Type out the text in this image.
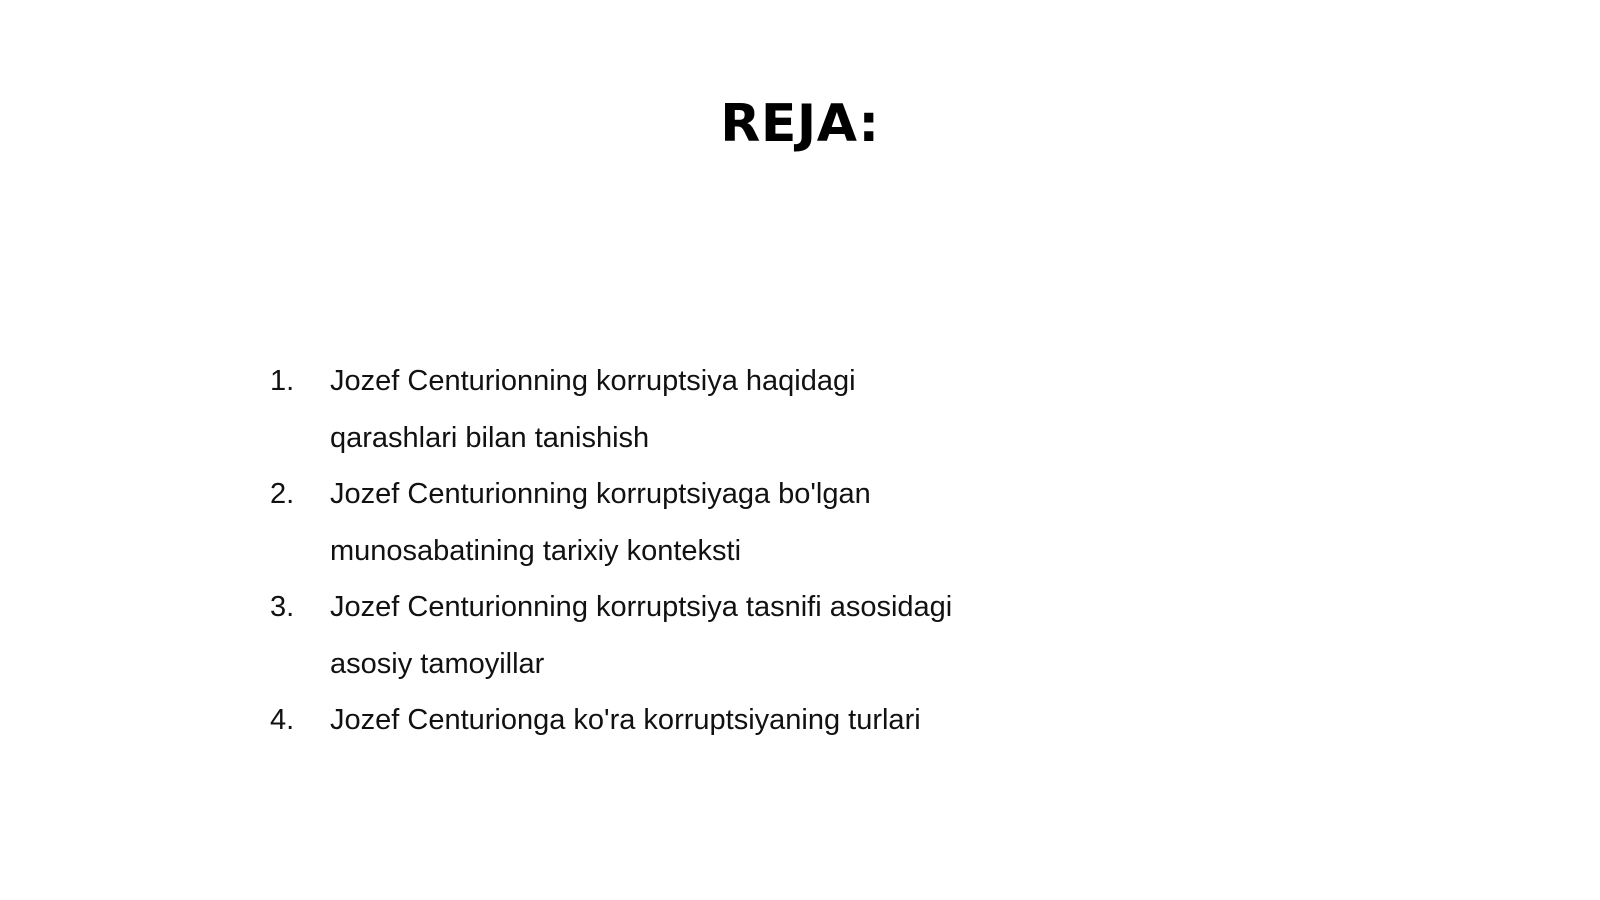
REJA:
1.	Jozef Centurionning korruptsiya haqidagi
qarashlari bilan tanishish
2.	Jozef Centurionning korruptsiyaga bo'lgan
munosabatining tarixiy konteksti
3.	Jozef Centurionning korruptsiya tasnifi asosidagi
asosiy tamoyillar
4.	Jozef Centurionga ko'ra korruptsiyaning turlari
